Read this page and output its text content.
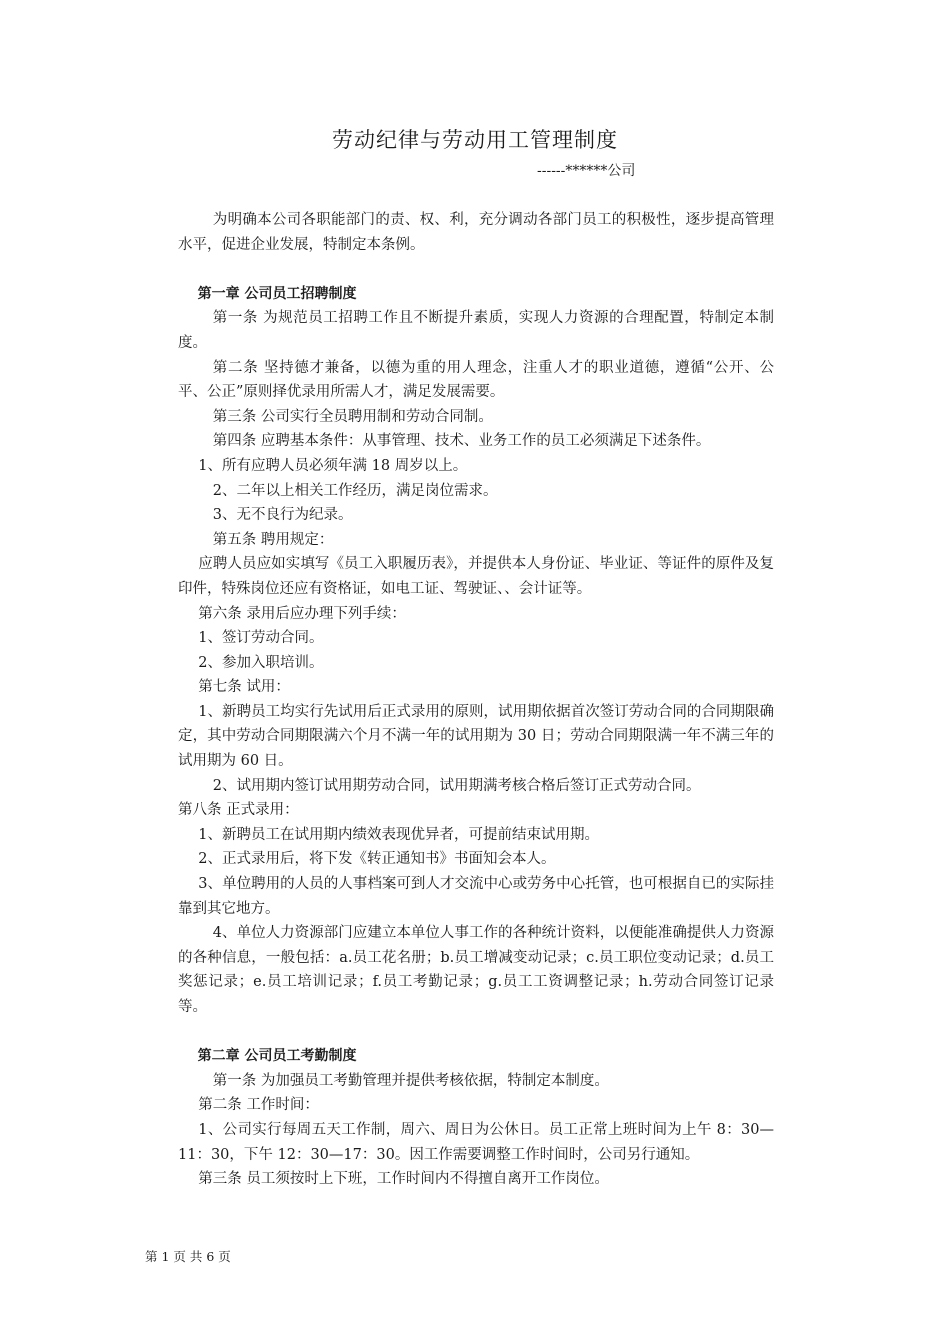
劳动纪律与劳动用工管理制度
------******公司

为明确本公司各职能部门的责、权、利，充分调动各部门员工的积极性，逐步提高管理水平，促进企业发展，特制定本条例。

第一章 公司员工招聘制度

第一条 为规范员工招聘工作且不断提升素质，实现人力资源的合理配置，特制定本制度。

第二条 坚持德才兼备，以德为重的用人理念，注重人才的职业道德，遵循“公开、公平、公正”原则择优录用所需人才，满足发展需要。

第三条 公司实行全员聘用制和劳动合同制。

第四条 应聘基本条件：从事管理、技术、业务工作的员工必须满足下述条件。

1、所有应聘人员必须年满 18 周岁以上。

2、二年以上相关工作经历，满足岗位需求。

3、无不良行为纪录。

第五条 聘用规定：

应聘人员应如实填写《员工入职履历表》，并提供本人身份证、毕业证、等证件的原件及复印件，特殊岗位还应有资格证，如电工证、驾驶证、、会计证等。

第六条 录用后应办理下列手续：

1、签订劳动合同。

2、参加入职培训。

第七条 试用：

1、新聘员工均实行先试用后正式录用的原则，试用期依据首次签订劳动合同的合同期限确定，其中劳动合同期限满六个月不满一年的试用期为 30 日；劳动合同期限满一年不满三年的试用期为 60 日。

2、试用期内签订试用期劳动合同，试用期满考核合格后签订正式劳动合同。

第八条 正式录用：

1、新聘员工在试用期内绩效表现优异者，可提前结束试用期。

2、正式录用后，将下发《转正通知书》书面知会本人。

3、单位聘用的人员的人事档案可到人才交流中心或劳务中心托管，也可根据自已的实际挂靠到其它地方。

4、单位人力资源部门应建立本单位人事工作的各种统计资料，以便能准确提供人力资源的各种信息，一般包括：a.员工花名册；b.员工增减变动记录；c.员工职位变动记录；d.员工奖惩记录；e.员工培训记录；f.员工考勤记录；g.员工工资调整记录；h.劳动合同签订记录等。

第二章 公司员工考勤制度

第一条 为加强员工考勤管理并提供考核依据，特制定本制度。

第二条 工作时间：

1、公司实行每周五天工作制，周六、周日为公休日。员工正常上班时间为上午 8：30—11：30，下午 12：30—17：30。因工作需要调整工作时间时，公司另行通知。

第三条 员工须按时上下班，工作时间内不得擅自离开工作岗位。

第 1 页 共 6 页
